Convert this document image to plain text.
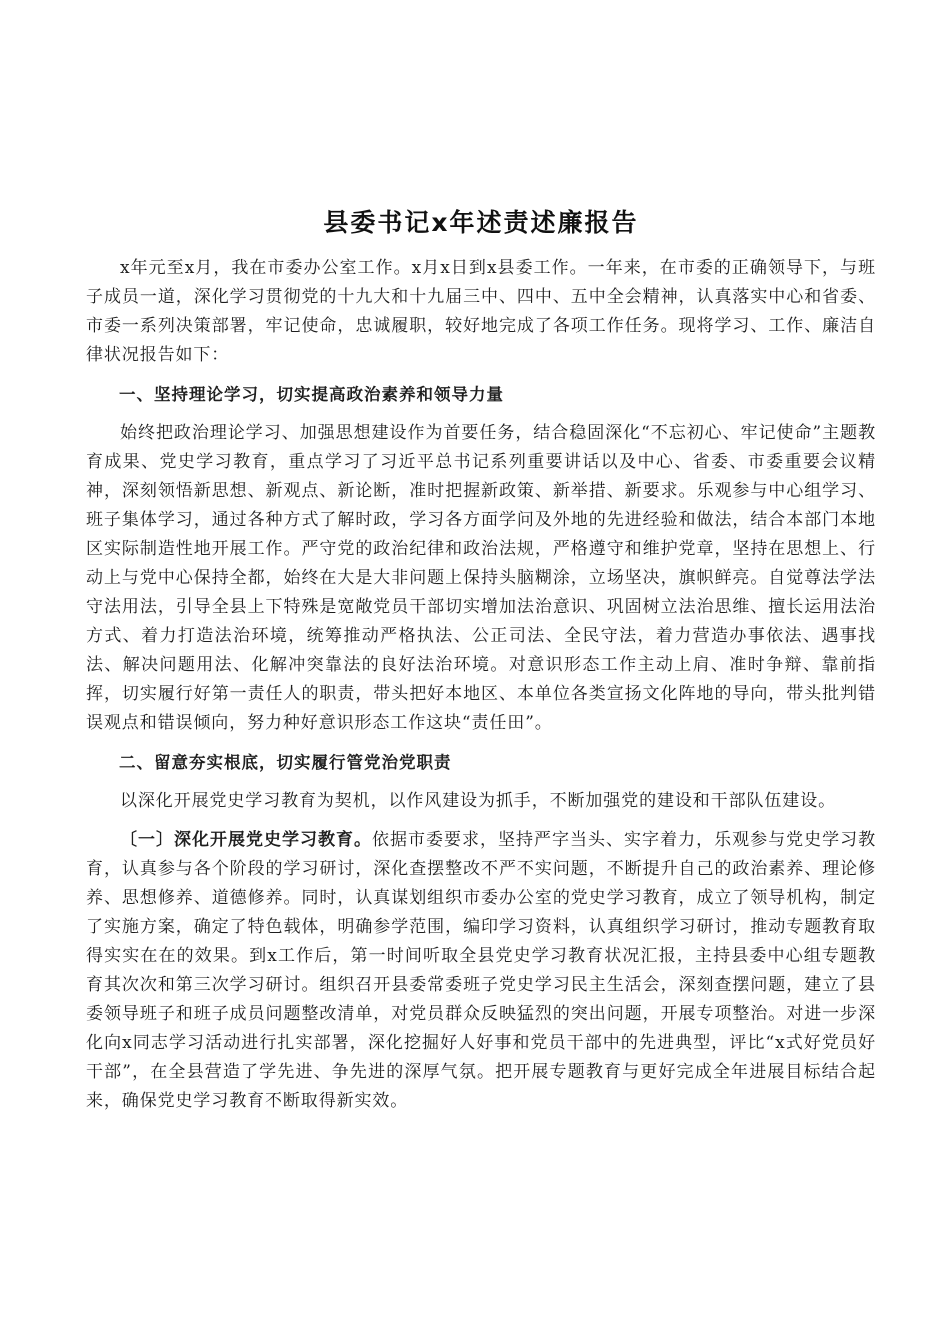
县委书记x年述责述廉报告

x年元至x月，我在市委办公室工作。x月x日到x县委工作。一年来，在市委的正确领导下，与班子成员一道，深化学习贯彻党的十九大和十九届三中、四中、五中全会精神，认真落实中心和省委、市委一系列决策部署，牢记使命，忠诚履职，较好地完成了各项工作任务。现将学习、工作、廉洁自律状况报告如下：

一、坚持理论学习，切实提高政治素养和领导力量

始终把政治理论学习、加强思想建设作为首要任务，结合稳固深化“不忘初心、牢记使命”主题教育成果、党史学习教育，重点学习了习近平总书记系列重要讲话以及中心、省委、市委重要会议精神，深刻领悟新思想、新观点、新论断，准时把握新政策、新举措、新要求。乐观参与中心组学习、班子集体学习，通过各种方式了解时政，学习各方面学问及外地的先进经验和做法，结合本部门本地区实际制造性地开展工作。严守党的政治纪律和政治法规，严格遵守和维护党章，坚持在思想上、行动上与党中心保持全都，始终在大是大非问题上保持头脑糊涂，立场坚决，旗帜鲜亮。自觉尊法学法守法用法，引导全县上下特殊是宽敞党员干部切实增加法治意识、巩固树立法治思维、擅长运用法治方式、着力打造法治环境，统筹推动严格执法、公正司法、全民守法，着力营造办事依法、遇事找法、解决问题用法、化解冲突靠法的良好法治环境。对意识形态工作主动上肩、准时争辩、靠前指挥，切实履行好第一责任人的职责，带头把好本地区、本单位各类宣扬文化阵地的导向，带头批判错误观点和错误倾向，努力种好意识形态工作这块“责任田”。

二、留意夯实根底，切实履行管党治党职责

以深化开展党史学习教育为契机，以作风建设为抓手，不断加强党的建设和干部队伍建设。

〔一〕深化开展党史学习教育。依据市委要求，坚持严字当头、实字着力，乐观参与党史学习教育，认真参与各个阶段的学习研讨，深化查摆整改不严不实问题，不断提升自己的政治素养、理论修养、思想修养、道德修养。同时，认真谋划组织市委办公室的党史学习教育，成立了领导机构，制定了实施方案，确定了特色载体，明确参学范围，编印学习资料，认真组织学习研讨，推动专题教育取得实实在在的效果。到x工作后，第一时间听取全县党史学习教育状况汇报，主持县委中心组专题教育其次次和第三次学习研讨。组织召开县委常委班子党史学习民主生活会，深刻查摆问题，建立了县委领导班子和班子成员问题整改清单，对党员群众反映猛烈的突出问题，开展专项整治。对进一步深化向x同志学习活动进行扎实部署，深化挖掘好人好事和党员干部中的先进典型，评比“x式好党员好干部”，在全县营造了学先进、争先进的深厚气氛。把开展专题教育与更好完成全年进展目标结合起来，确保党史学习教育不断取得新实效。
